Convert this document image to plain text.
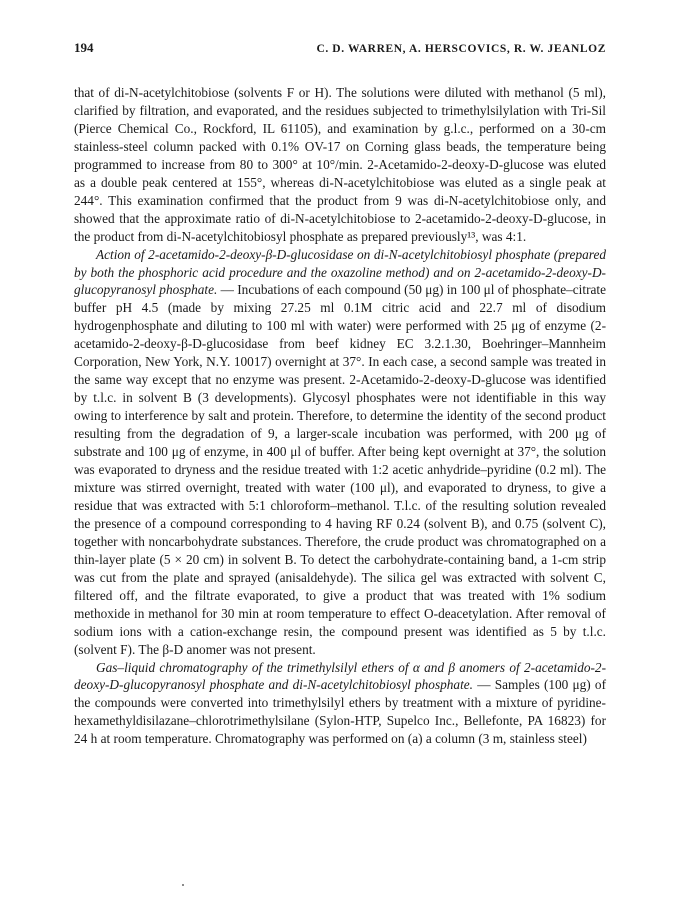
194	C. D. WARREN, A. HERSCOVICS, R. W. JEANLOZ

that of di-N-acetylchitobiose (solvents F or H). The solutions were diluted with methanol (5 ml), clarified by filtration, and evaporated, and the residues subjected to trimethylsilylation with Tri-Sil (Pierce Chemical Co., Rockford, IL 61105), and examination by g.l.c., performed on a 30-cm stainless-steel column packed with 0.1% OV-17 on Corning glass beads, the temperature being programmed to increase from 80 to 300° at 10°/min. 2-Acetamido-2-deoxy-D-glucose was eluted as a double peak centered at 155°, whereas di-N-acetylchitobiose was eluted as a single peak at 244°. This examination confirmed that the product from 9 was di-N-acetylchitobiose only, and showed that the approximate ratio of di-N-acetylchitobiose to 2-acetamido-2-deoxy-D-glucose, in the product from di-N-acetylchitobiosyl phosphate as prepared previously¹³, was 4:1.

Action of 2-acetamido-2-deoxy-β-D-glucosidase on di-N-acetylchitobiosyl phosphate (prepared by both the phosphoric acid procedure and the oxazoline method) and on 2-acetamido-2-deoxy-D-glucopyranosyl phosphate. — Incubations of each compound (50 μg) in 100 μl of phosphate–citrate buffer pH 4.5 (made by mixing 27.25 ml 0.1M citric acid and 22.7 ml of disodium hydrogenphosphate and diluting to 100 ml with water) were performed with 25 μg of enzyme (2-acetamido-2-deoxy-β-D-glucosidase from beef kidney EC 3.2.1.30, Boehringer–Mannheim Corporation, New York, N.Y. 10017) overnight at 37°. In each case, a second sample was treated in the same way except that no enzyme was present. 2-Acetamido-2-deoxy-D-glucose was identified by t.l.c. in solvent B (3 developments). Glycosyl phosphates were not identifiable in this way owing to interference by salt and protein. Therefore, to determine the identity of the second product resulting from the degradation of 9, a larger-scale incubation was performed, with 200 μg of substrate and 100 μg of enzyme, in 400 μl of buffer. After being kept overnight at 37°, the solution was evaporated to dryness and the residue treated with 1:2 acetic anhydride–pyridine (0.2 ml). The mixture was stirred overnight, treated with water (100 μl), and evaporated to dryness, to give a residue that was extracted with 5:1 chloroform–methanol. T.l.c. of the resulting solution revealed the presence of a compound corresponding to 4 having RF 0.24 (solvent B), and 0.75 (solvent C), together with noncarbohydrate substances. Therefore, the crude product was chromatographed on a thin-layer plate (5 × 20 cm) in solvent B. To detect the carbohydrate-containing band, a 1-cm strip was cut from the plate and sprayed (anisaldehyde). The silica gel was extracted with solvent C, filtered off, and the filtrate evaporated, to give a product that was treated with 1% sodium methoxide in methanol for 30 min at room temperature to effect O-deacetylation. After removal of sodium ions with a cation-exchange resin, the compound present was identified as 5 by t.l.c. (solvent F). The β-D anomer was not present.

Gas–liquid chromatography of the trimethylsilyl ethers of α and β anomers of 2-acetamido-2-deoxy-D-glucopyranosyl phosphate and di-N-acetylchitobiosyl phosphate. — Samples (100 μg) of the compounds were converted into trimethylsilyl ethers by treatment with a mixture of pyridine-hexamethyldisilazane–chlorotrimethylsilane (Sylon-HTP, Supelco Inc., Bellefonte, PA 16823) for 24 h at room temperature. Chromatography was performed on (a) a column (3 m, stainless steel)
